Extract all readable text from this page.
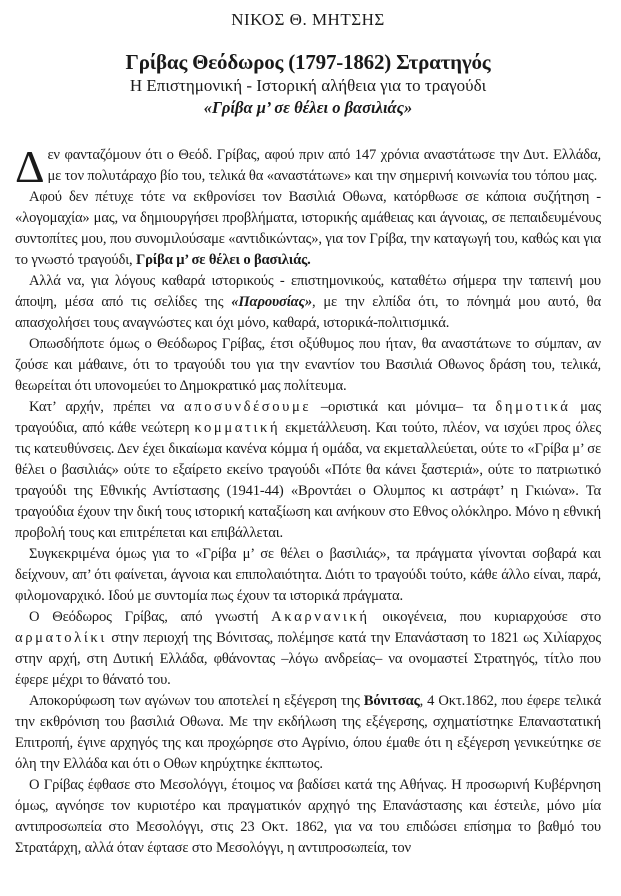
ΝΙΚΟΣ Θ. ΜΗΤΣΗΣ
Γρίβας Θεόδωρος (1797-1862) Στρατηγός
Η Επιστημονική - Ιστορική αλήθεια για το τραγούδι
«Γρίβα μ’ σε θέλει ο βασιλιάς»

Δεν φανταζόμουν ότι ο Θεόδ. Γρίβας, αφού πριν από 147 χρόνια αναστάτωσε την Δυτ. Ελλάδα, με τον πολυτάραχο βίο του, τελικά θα «αναστάτωνε» και την σημερινή κοινωνία του τόπου μας.

Αφού δεν πέτυχε τότε να εκθρονίσει τον Βασιλιά Οθωνα, κατόρθωσε σε κάποια συζήτηση - «λογομαχία» μας, να δημιουργήσει προβλήματα, ιστορικής αμάθειας και άγνοιας, σε πεπαιδευμένους συντοπίτες μου, που συνομιλούσαμε «αντιδικώντας», για τον Γρίβα, την καταγωγή του, καθώς και για το γνωστό τραγούδι, Γρίβα μ’ σε θέλει ο βασιλιάς.

Αλλά να, για λόγους καθαρά ιστορικούς - επιστημονικούς, καταθέτω σήμερα την ταπεινή μου άποψη, μέσα από τις σελίδες της «Παρουσίας», με την ελπίδα ότι, το πόνημά μου αυτό, θα απασχολήσει τους αναγνώστες και όχι μόνο, καθαρά, ιστορικά-πολιτισμικά.

Οπωσδήποτε όμως ο Θεόδωρος Γρίβας, έτσι οξύθυμος που ήταν, θα αναστάτωνε το σύμπαν, αν ζούσε και μάθαινε, ότι το τραγούδι του για την εναντίον του Βασιλιά Οθωνος δράση του, τελικά, θεωρείται ότι υπονομεύει το Δημοκρατικό μας πολίτευμα.

Κατ’ αρχήν, πρέπει να αποσυνδέσουμε –οριστικά και μόνιμα– τα δημοτικά μας τραγούδια, από κάθε νεώτερη κομματική εκμετάλλευση. Και τούτο, πλέον, να ισχύει προς όλες τις κατευθύνσεις. Δεν έχει δικαίωμα κανένα κόμμα ή ομάδα, να εκμεταλλεύεται, ούτε το «Γρίβα μ’ σε θέλει ο βασιλιάς» ούτε το εξαίρετο εκείνο τραγούδι «Πότε θα κάνει ξαστεριά», ούτε το πατριωτικό τραγούδι της Εθνικής Αντίστασης (1941-44) «Βροντάει ο Ολυμπος κι αστράφτ’ η Γκιώνα». Τα τραγούδια έχουν την δική τους ιστορική καταξίωση και ανήκουν στο Εθνος ολόκληρο. Μόνο η εθνική προβολή τους και επιτρέπεται και επιβάλλεται.

Συγκεκριμένα όμως για το «Γρίβα μ’ σε θέλει ο βασιλιάς», τα πράγματα γίνονται σοβαρά και δείχνουν, απ’ ότι φαίνεται, άγνοια και επιπολαιότητα. Διότι το τραγούδι τούτο, κάθε άλλο είναι, παρά, φιλομοναρχικό. Ιδού με συντομία πως έχουν τα ιστορικά πράγματα.

Ο Θεόδωρος Γρίβας, από γνωστή Ακαρνανική οικογένεια, που κυριαρχούσε στο αρματολίκι στην περιοχή της Βόνιτσας, πολέμησε κατά την Επανάσταση το 1821 ως Χιλίαρχος στην αρχή, στη Δυτική Ελλάδα, φθάνοντας –λόγω ανδρείας– να ονομαστεί Στρατηγός, τίτλο που έφερε μέχρι το θάνατό του.

Αποκορύφωση των αγώνων του αποτελεί η εξέγερση της Βόνιτσας, 4 Οκτ.1862, που έφερε τελικά την εκθρόνιση του βασιλιά Οθωνα. Με την εκδήλωση της εξέγερσης, σχηματίστηκε Επαναστατική Επιτροπή, έγινε αρχηγός της και προχώρησε στο Αγρίνιο, όπου έμαθε ότι η εξέγερση γενικεύτηκε σε όλη την Ελλάδα και ότι ο Οθων κηρύχτηκε έκπτωτος.

Ο Γρίβας έφθασε στο Μεσολόγγι, έτοιμος να βαδίσει κατά της Αθήνας. Η προσωρινή Κυβέρνηση όμως, αγνόησε τον κυριοτέρο και πραγματικόν αρχηγό της Επανάστασης και έστειλε, μόνο μία αντιπροσωπεία στο Μεσολόγγι, στις 23 Οκτ. 1862, για να του επιδώσει επίσημα το βαθμό του Στρατάρχη, αλλά όταν έφτασε στο Μεσολόγγι, η αντιπροσωπεία, τον
